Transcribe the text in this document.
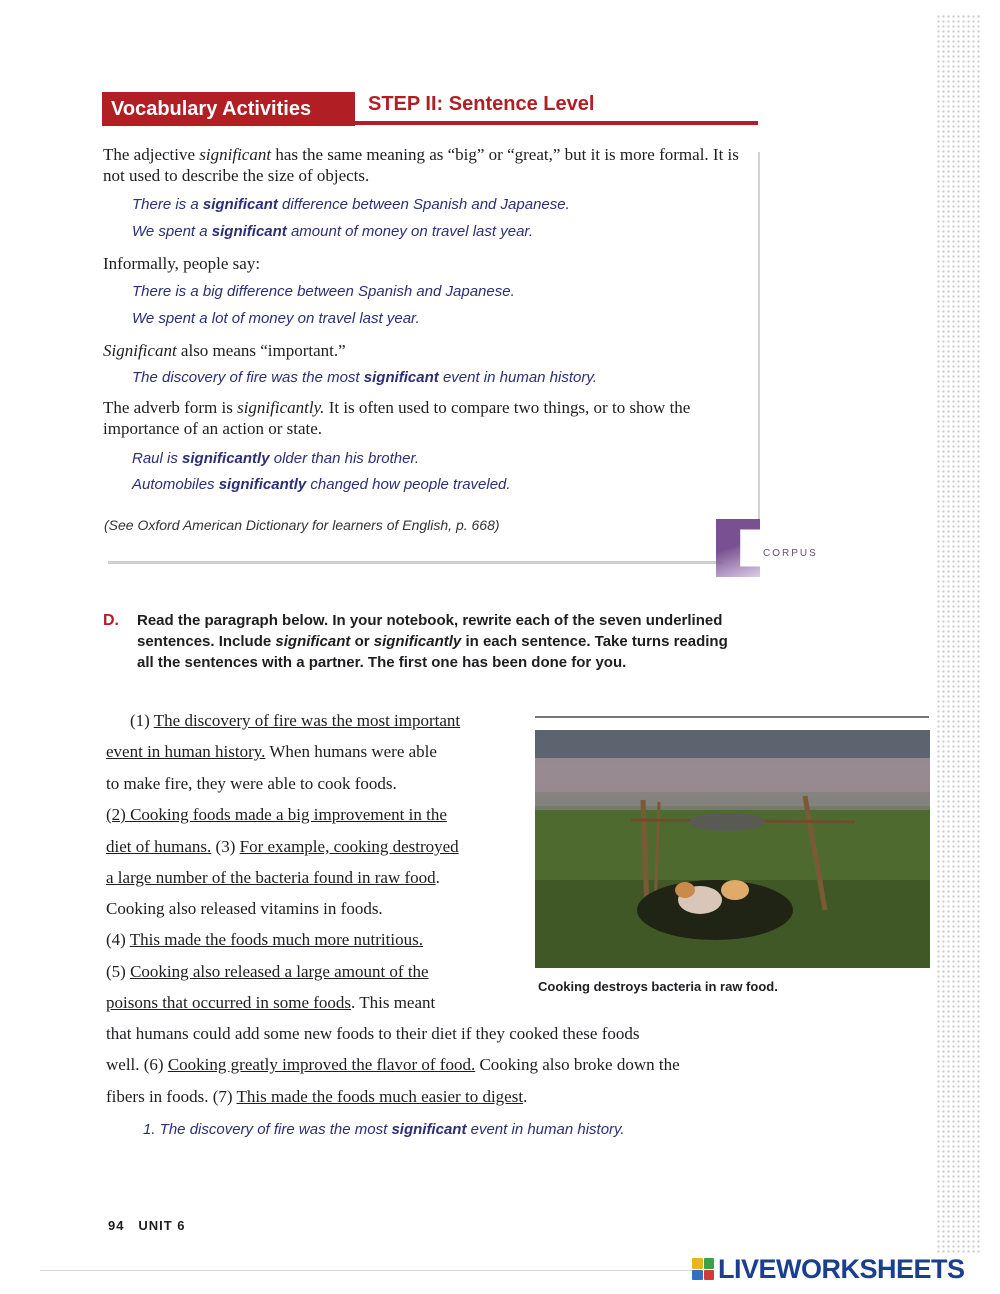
Vocabulary Activities	STEP II: Sentence Level
The adjective significant has the same meaning as “big” or “great,” but it is more formal. It is not used to describe the size of objects.
There is a significant difference between Spanish and Japanese.
We spent a significant amount of money on travel last year.
Informally, people say:
There is a big difference between Spanish and Japanese.
We spent a lot of money on travel last year.
Significant also means “important.”
The discovery of fire was the most significant event in human history.
The adverb form is significantly. It is often used to compare two things, or to show the importance of an action or state.
Raul is significantly older than his brother.
Automobiles significantly changed how people traveled.
(See Oxford American Dictionary for learners of English, p. 668)
CORPUS
D. Read the paragraph below. In your notebook, rewrite each of the seven underlined sentences. Include significant or significantly in each sentence. Take turns reading all the sentences with a partner. The first one has been done for you.
(1) The discovery of fire was the most important
event in human history. When humans were able
to make fire, they were able to cook foods.
(2) Cooking foods made a big improvement in the
diet of humans. (3) For example, cooking destroyed
a large number of the bacteria found in raw food.
Cooking also released vitamins in foods.
(4) This made the foods much more nutritious.
(5) Cooking also released a large amount of the
poisons that occurred in some foods. This meant
that humans could add some new foods to their diet if they cooked these foods
well. (6) Cooking greatly improved the flavor of food. Cooking also broke down the
fibers in foods. (7) This made the foods much easier to digest.
Cooking destroys bacteria in raw food.
1. The discovery of fire was the most significant event in human history.
94 UNIT 6
LIVEWORKSHEETS
